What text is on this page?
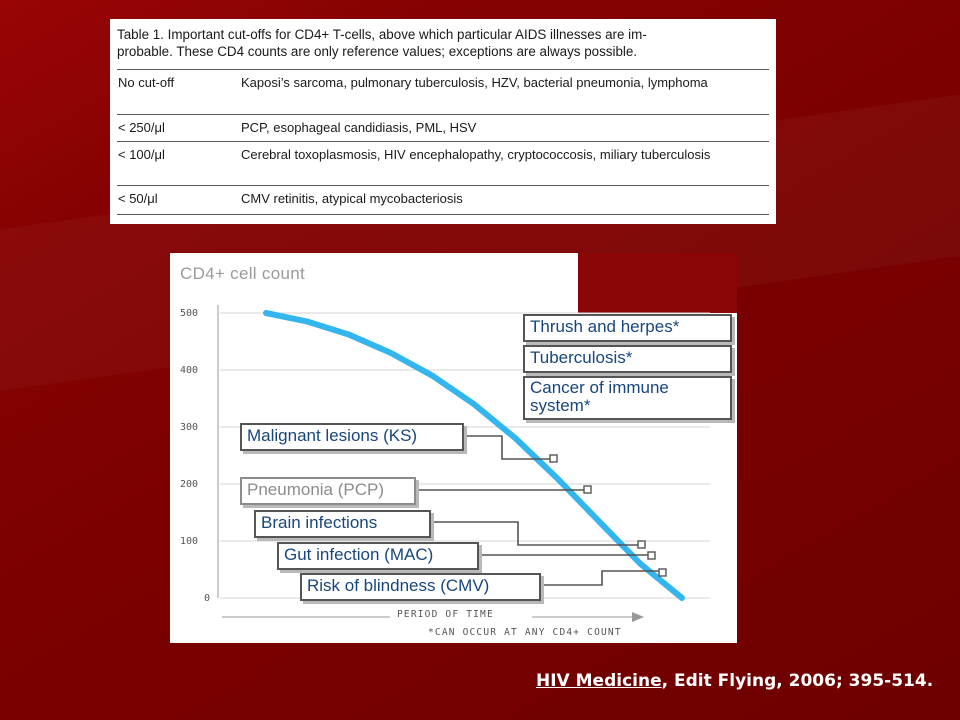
Table 1. Important cut-offs for CD4+ T-cells, above which particular AIDS illnesses are im-
probable. These CD4 counts are only reference values; exceptions are always possible.
No cut-off	Kaposi’s sarcoma, pulmonary tuberculosis, HZV, bacterial pneumonia, lymphoma
< 250/μl	PCP, esophageal candidiasis, PML, HSV
< 100/μl	Cerebral toxoplasmosis, HIV encephalopathy, cryptococcosis, miliary tuberculosis
< 50/μl	CMV retinitis, atypical mycobacteriosis
CD4+ cell count
500
400
300
200
100
0
Thrush and herpes*
Tuberculosis*
Cancer of immune
system*
Malignant lesions (KS)
Pneumonia (PCP)
Brain infections
Gut infection (MAC)
Risk of blindness (CMV)
PERIOD OF TIME
*CAN OCCUR AT ANY CD4+ COUNT
HIV Medicine, Edit Flying, 2006; 395-514.
